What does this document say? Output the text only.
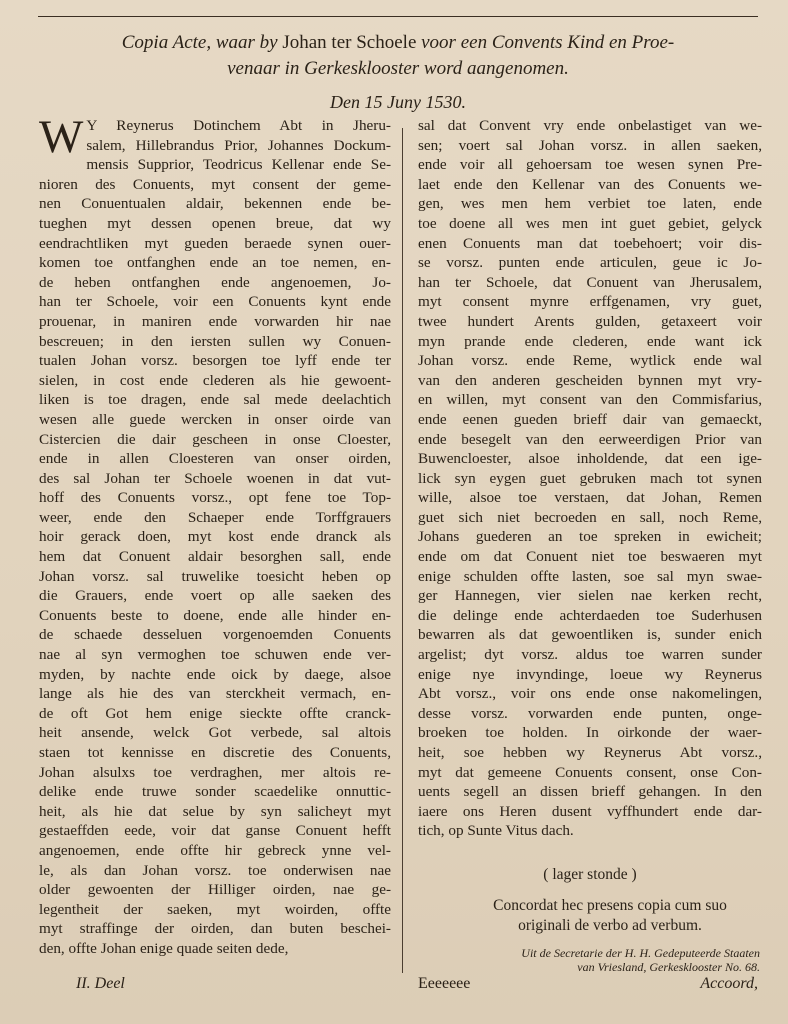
Copia Acte, waar by Johan ter Schoele voor een Convents Kind en Proe-
venaar in Gerkesklooster word aangenomen.
Den 15 Juny 1530.
W Y Reynerus Dotinchem Abt in Jheru-
salem, Hillebrandus Prior, Johannes Dockum-
mensis Supprior, Teodricus Kellenar ende Se-
nioren des Conuents, myt consent der geme-
nen Conuentualen aldair, bekennen ende be-
tueghen myt dessen openen breue, dat wy
eendrachtliken myt gueden beraede synen ouer-
komen toe ontfanghen ende an toe nemen, en-
de heben ontfanghen ende angenoemen, Jo-
han ter Schoele, voir een Conuents kynt ende
prouenar, in maniren ende vorwarden hir nae
bescreuen; in den iersten sullen wy Conuen-
tualen Johan vorsz. besorgen toe lyff ende ter
sielen, in cost ende clederen als hie gewoent-
liken is toe dragen, ende sal mede deelachtich
wesen alle guede wercken in onser oirde van
Cistercien die dair gescheen in onse Cloester,
ende in allen Cloesteren van onser oirden,
des sal Johan ter Schoele woenen in dat vut-
hoff des Conuents vorsz., opt fene toe Top-
weer, ende den Schaeper ende Torffgrauers
hoir gerack doen, myt kost ende dranck als
hem dat Conuent aldair besorghen sall, ende
Johan vorsz. sal truwelike toesicht heben op
die Grauers, ende voert op alle saeken des
Conuents beste to doene, ende alle hinder en-
de schaede desseluen vorgenoemden Conuents
nae al syn vermoghen toe schuwen ende ver-
myden, by nachte ende oick by daege, alsoe
lange als hie des van sterckheit vermach, en-
de oft Got hem enige sieckte offte cranck-
heit ansende, welck Got verbede, sal altois
staen tot kennisse en discretie des Conuents,
Johan alsulxs toe verdraghen, mer altois re-
delike ende truwe sonder scaedelike onnuttic-
heit, als hie dat selue by syn salicheyt myt
gestaeffden eede, voir dat ganse Conuent hefft
angenoemen, ende offte hir gebreck ynne vel-
le, als dan Johan vorsz. toe onderwisen nae
older gewoenten der Hilliger oirden, nae ge-
legentheit der saeken, myt woirden, offte
myt straffinge der oirden, dan buten beschei-
den, offte Johan enige quade seiten dede,
sal dat Convent vry ende onbelastiget van we-
sen; voert sal Johan vorsz. in allen saeken,
ende voir all gehoersam toe wesen synen Pre-
laet ende den Kellenar van des Conuents we-
gen, wes men hem verbiet toe laten, ende
toe doene all wes men int guet gebiet, gelyck
enen Conuents man dat toebehoert; voir dis-
se vorsz. punten ende articulen, geue ic Jo-
han ter Schoele, dat Conuent van Jherusalem,
myt consent mynre erffgenamen, vry guet,
twee hundert Arents gulden, getaxeert voir
myn prande ende clederen, ende want ick
Johan vorsz. ende Reme, wytlick ende wal
van den anderen gescheiden bynnen myt vry-
en willen, myt consent van den Commisfarius,
ende eenen gueden brieff dair van gemaeckt,
ende besegelt van den eerweerdigen Prior van
Buwencloester, alsoe inholdende, dat een ige-
lick syn eygen guet gebruken mach tot synen
wille, alsoe toe verstaen, dat Johan, Remen
guet sich niet becroeden en sall, noch Reme,
Johans guederen an toe spreken in ewicheit;
ende om dat Conuent niet toe beswaeren myt
enige schulden offte lasten, soe sal myn swae-
ger Hannegen, vier sielen nae kerken recht,
die delinge ende achterdaeden toe Suderhusen
bewarren als dat gewoentliken is, sunder enich
argelist; dyt vorsz. aldus toe warren sunder
enige nye invyndinge, loeue wy Reynerus
Abt vorsz., voir ons ende onse nakomelingen,
desse vorsz. vorwarden ende punten, onge-
broeken toe holden. In oirkonde der waer-
heit, soe hebben wy Reynerus Abt vorsz.,
myt dat gemeene Conuents consent, onse Con-
uents segell an dissen brieff gehangen. In den
iaere ons Heren dusent vyffhundert ende dar-
tich, op Sunte Vitus dach.
( lager stonde )
Concordat hec presens copia cum suo
originali de verbo ad verbum.
Uit de Secretarie der H. H. Gedeputeerde Staaten
van Vriesland, Gerkesklooster No. 68.
II. Deel	Eeeeeee	Accoord,
